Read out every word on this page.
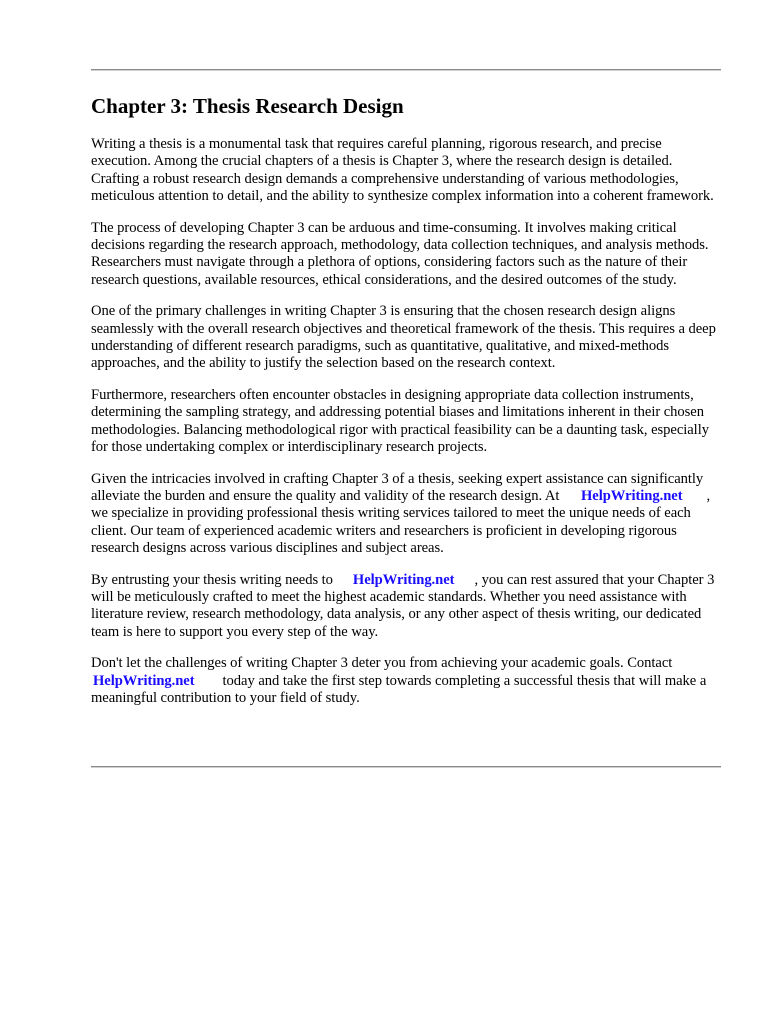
Chapter 3: Thesis Research Design

Writing a thesis is a monumental task that requires careful planning, rigorous research, and precise execution. Among the crucial chapters of a thesis is Chapter 3, where the research design is detailed. Crafting a robust research design demands a comprehensive understanding of various methodologies, meticulous attention to detail, and the ability to synthesize complex information into a coherent framework.

The process of developing Chapter 3 can be arduous and time-consuming. It involves making critical decisions regarding the research approach, methodology, data collection techniques, and analysis methods. Researchers must navigate through a plethora of options, considering factors such as the nature of their research questions, available resources, ethical considerations, and the desired outcomes of the study.

One of the primary challenges in writing Chapter 3 is ensuring that the chosen research design aligns seamlessly with the overall research objectives and theoretical framework of the thesis. This requires a deep understanding of different research paradigms, such as quantitative, qualitative, and mixed-methods approaches, and the ability to justify the selection based on the research context.

Furthermore, researchers often encounter obstacles in designing appropriate data collection instruments, determining the sampling strategy, and addressing potential biases and limitations inherent in their chosen methodologies. Balancing methodological rigor with practical feasibility can be a daunting task, especially for those undertaking complex or interdisciplinary research projects.

Given the intricacies involved in crafting Chapter 3 of a thesis, seeking expert assistance can significantly alleviate the burden and ensure the quality and validity of the research design. At HelpWriting.net , we specialize in providing professional thesis writing services tailored to meet the unique needs of each client. Our team of experienced academic writers and researchers is proficient in developing rigorous research designs across various disciplines and subject areas.

By entrusting your thesis writing needs to HelpWriting.net , you can rest assured that your Chapter 3 will be meticulously crafted to meet the highest academic standards. Whether you need assistance with literature review, research methodology, data analysis, or any other aspect of thesis writing, our dedicated team is here to support you every step of the way.

Don't let the challenges of writing Chapter 3 deter you from achieving your academic goals. Contact HelpWriting.net today and take the first step towards completing a successful thesis that will make a meaningful contribution to your field of study.
